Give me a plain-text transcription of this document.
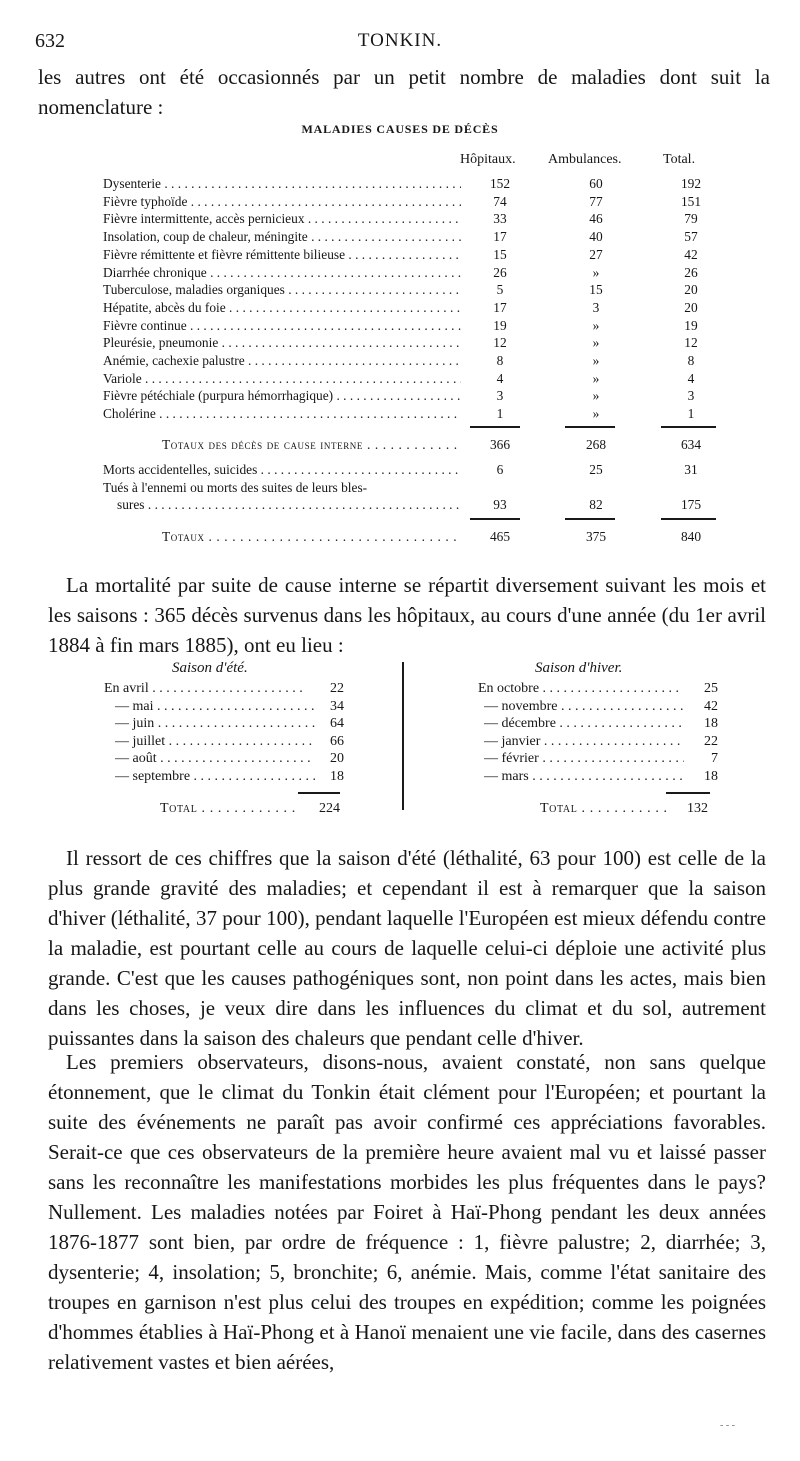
632	TONKIN.
les autres ont été occasionnés par un petit nombre de maladies dont suit la nomenclature :
MALADIES CAUSES DE DÉCÈS
Hôpitaux. Ambulances.	Total.
Dysenterie . . .	152	60	192
Fièvre typhoïde . . .	74	77	151
Fièvre intermittente, accès pernicieux . . .	33	46	79
Insolation, coup de chaleur, méningite . . .	17	40	57
Fièvre rémittente et fièvre rémittente bilieuse . . .	15	27	42
Diarrhée chronique . . .	26	»	26
Tuberculose, maladies organiques . . .	5	15	20
Hépatite, abcès du foie . . .	17	3	20
Fièvre continue . . .	19	»	19
Pleurésie, pneumonie . . .	12	»	12
Anémie, cachexie palustre . . .	8	»	8
Variole . . .	4	»	4
Fièvre pétéchiale (purpura hémorrhagique) . . .	3	»	3
Cholérine . . .	1	»	1
Totaux des décès de cause interne . . .	366	268	634
Morts accidentelles, suicides . . .	6	25	31
Tués à l'ennemi ou morts des suites de leurs bles-
sures . . .	93	82	175
Totaux . . .	465	375	840
La mortalité par suite de cause interne se répartit diversement suivant les mois et les saisons : 365 décès survenus dans les hôpitaux, au cours d'une année (du 1er avril 1884 à fin mars 1885), ont eu lieu :
Saison d'été.	Saison d'hiver.
En avril . . .	22
— mai . . .	34
— juin . . .	64
— juillet . . .	66
— août . . .	20
— septembre . . .	18
Total . . .	224
En octobre . . .	25
— novembre . . .	42
— décembre . . .	18
— janvier . . .	22
— février . . .	7
— mars . . .	18
Total . . .	132
Il ressort de ces chiffres que la saison d'été (léthalité, 63 pour 100) est celle de la plus grande gravité des maladies; et cependant il est à remarquer que la saison d'hiver (léthalité, 37 pour 100), pendant laquelle l'Européen est mieux défendu contre la maladie, est pourtant celle au cours de laquelle celui-ci déploie une activité plus grande. C'est que les causes pathogéniques sont, non point dans les actes, mais bien dans les choses, je veux dire dans les influences du climat et du sol, autrement puissantes dans la saison des chaleurs que pendant celle d'hiver.
Les premiers observateurs, disons-nous, avaient constaté, non sans quelque étonnement, que le climat du Tonkin était clément pour l'Européen; et pourtant la suite des événements ne paraît pas avoir confirmé ces appréciations favorables. Serait-ce que ces observateurs de la première heure avaient mal vu et laissé passer sans les reconnaître les manifestations morbides les plus fréquentes dans le pays? Nullement. Les maladies notées par Foiret à Haï-Phong pendant les deux années 1876-1877 sont bien, par ordre de fréquence : 1, fièvre palustre; 2, diarrhée; 3, dysenterie; 4, insolation; 5, bronchite; 6, anémie. Mais, comme l'état sanitaire des troupes en garnison n'est plus celui des troupes en expédition; comme les poignées d'hommes établies à Haï-Phong et à Hanoï menaient une vie facile, dans des casernes relativement vastes et bien aérées,
- - -
